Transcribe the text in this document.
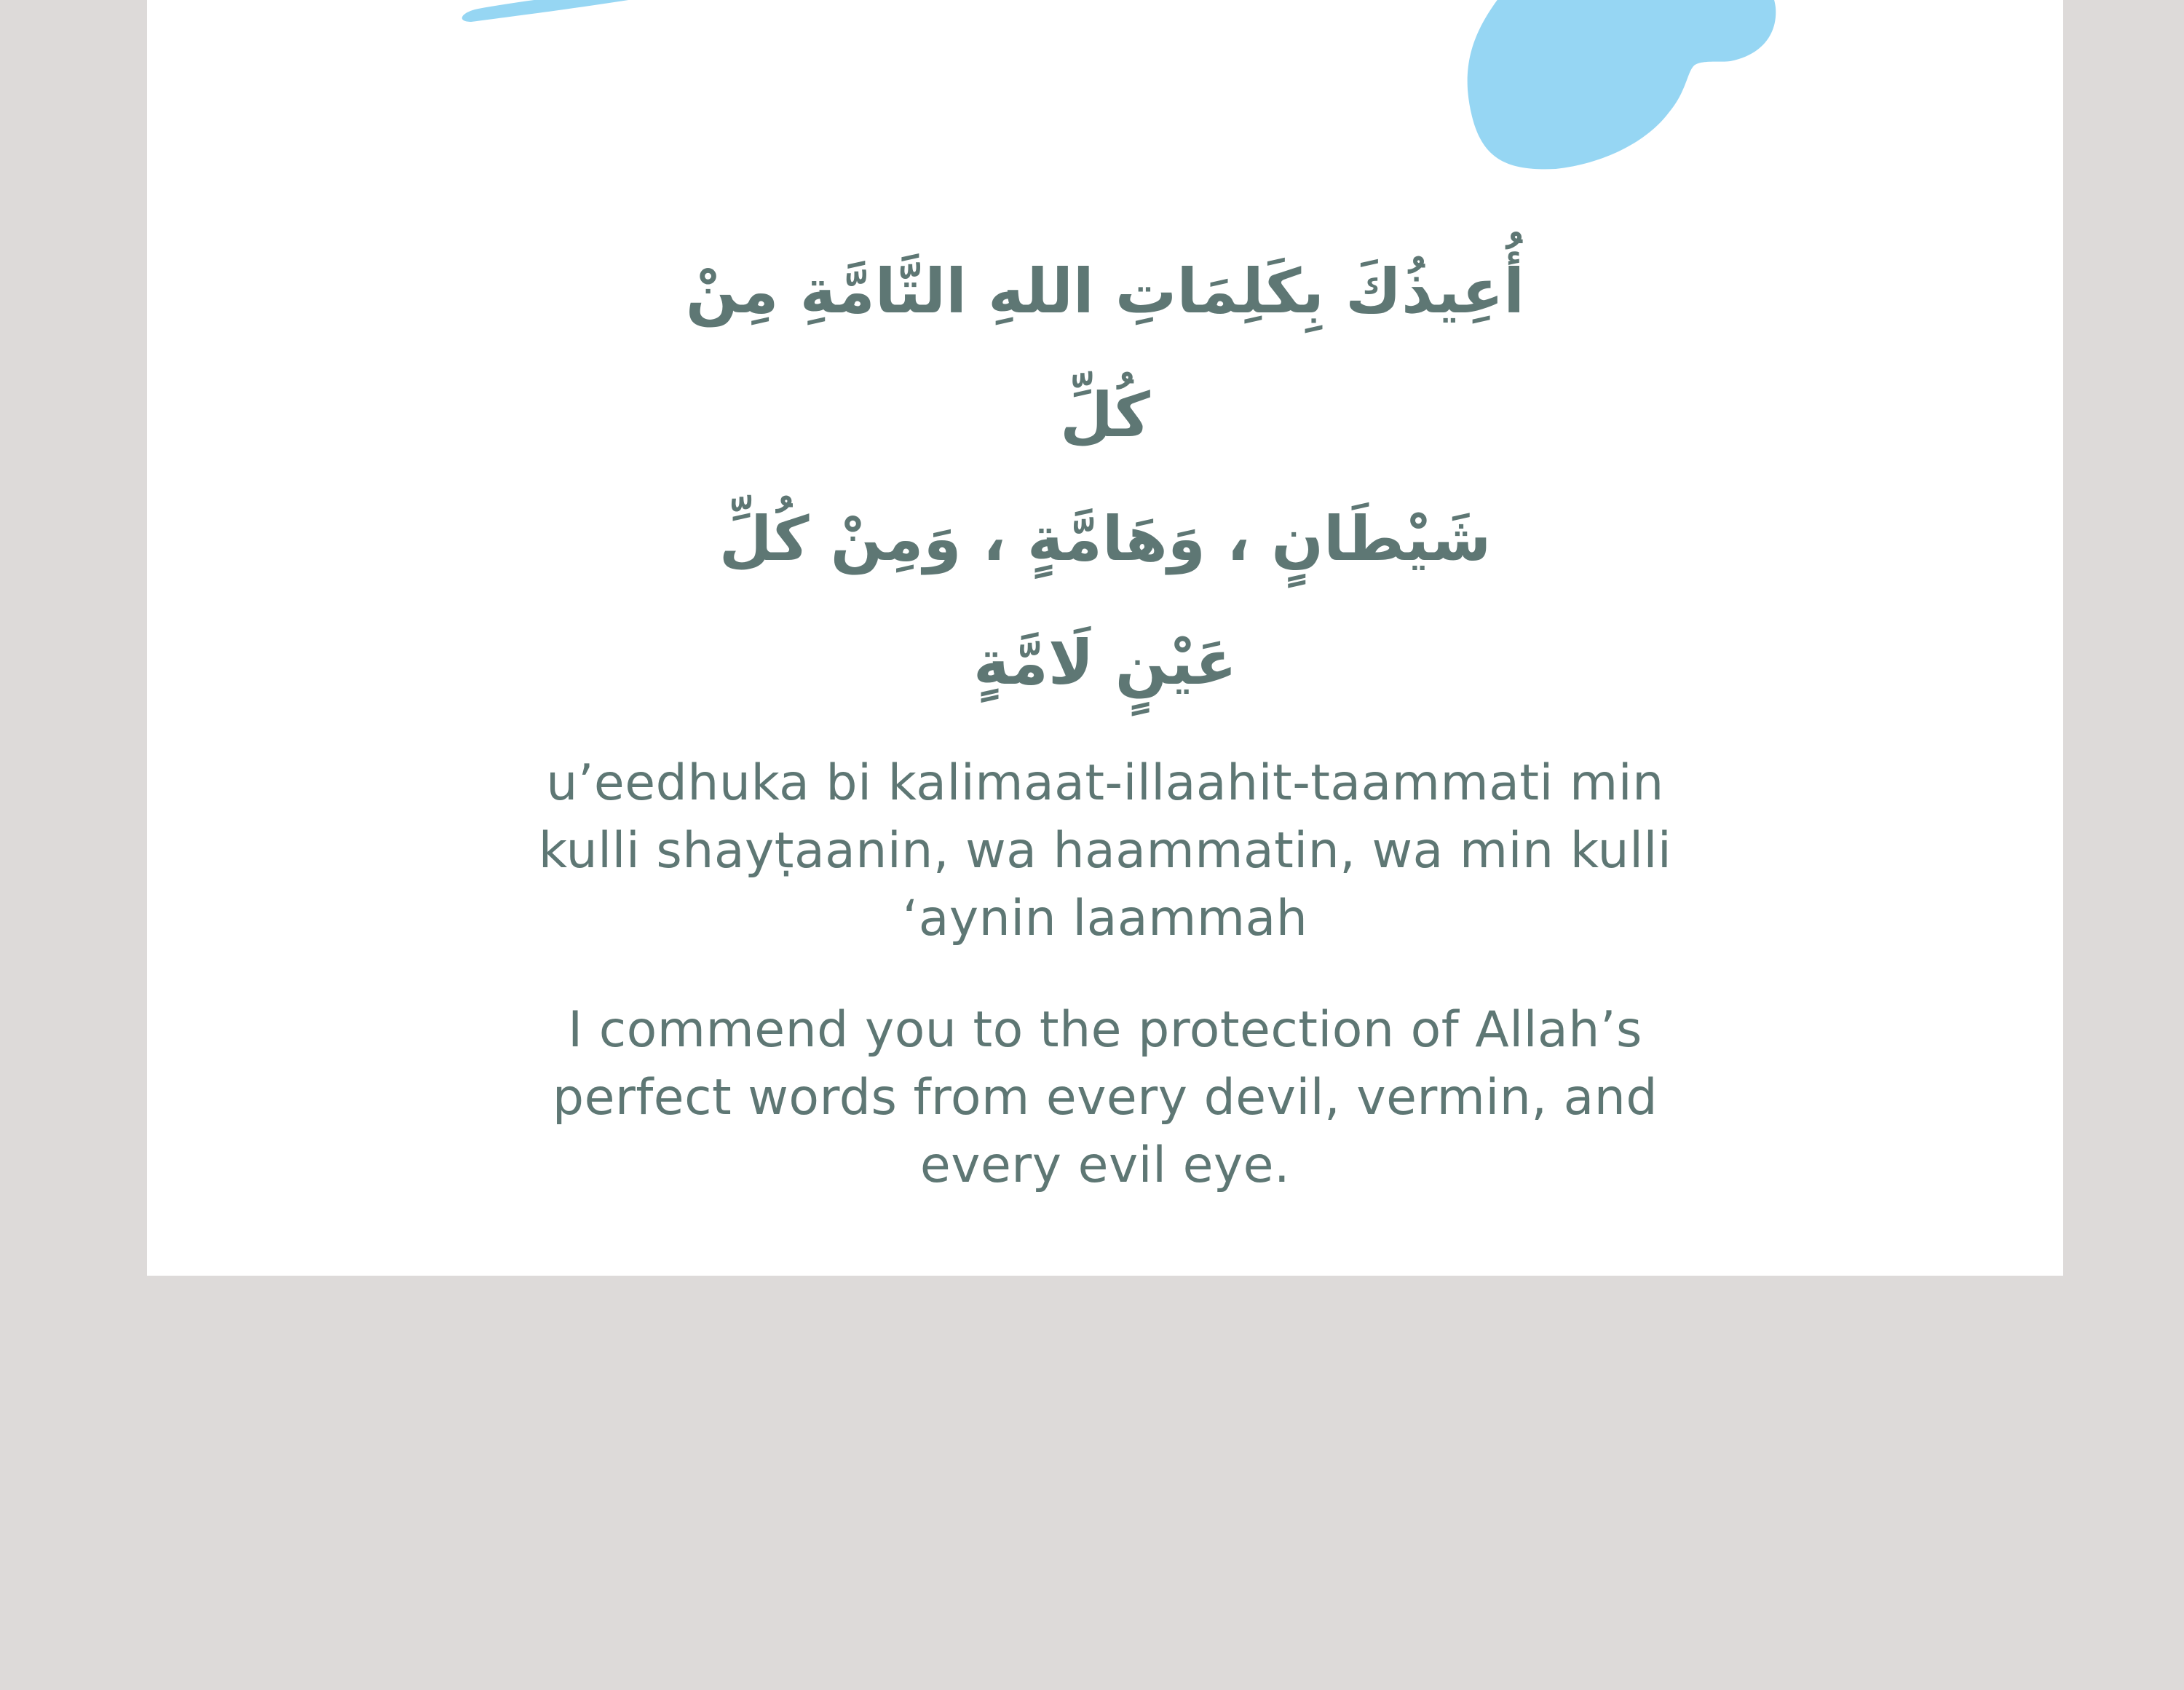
أُعِيذُكَ بِكَلِمَاتِ اللهِ التَّامَّةِ مِنْ كُلِّ
شَيْطَانٍ ، وَهَامَّةٍ ، وَمِنْ كُلِّ عَيْنٍ لَامَّةٍ
u’eedhuka bi kalimaat-illaahit-taammati min kulli shayṭaanin, wa haammatin, wa min kulli ʻaynin laammah
I commend you to the protection of Allah’s perfect words from every devil, vermin, and every evil eye.
